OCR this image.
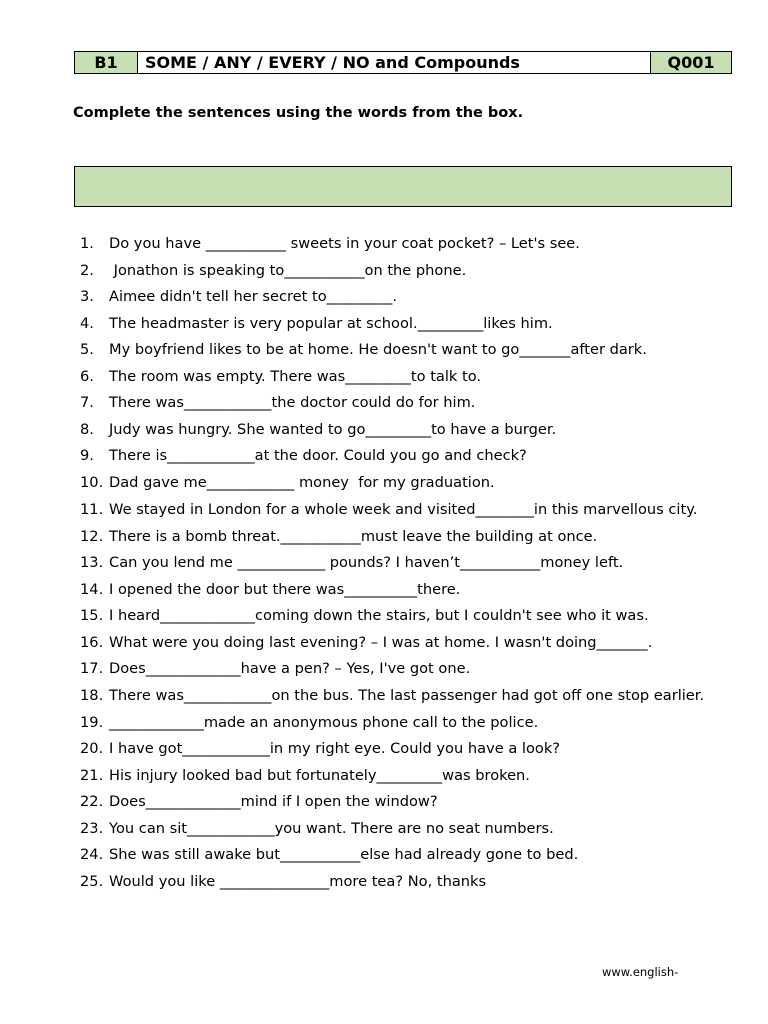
B1	SOME / ANY / EVERY / NO and Compounds	Q001

Complete the sentences using the words from the box.

1.	Do you have ___________ sweets in your coat pocket? – Let's see.
2.	Jonathon is speaking to___________on the phone.
3.	Aimee didn't tell her secret to_________.
4.	The headmaster is very popular at school._________likes him.
5.	My boyfriend likes to be at home. He doesn't want to go_______after dark.
6.	The room was empty. There was_________to talk to.
7.	There was____________the doctor could do for him.
8.	Judy was hungry. She wanted to go_________to have a burger.
9.	There is____________at the door. Could you go and check?
10. Dad gave me____________ money  for my graduation.
11. We stayed in London for a whole week and visited________in this marvellous city.
12. There is a bomb threat.___________must leave the building at once.
13. Can you lend me ____________ pounds? I haven’t___________money left.
14. I opened the door but there was__________there.
15. I heard_____________coming down the stairs, but I couldn't see who it was.
16. What were you doing last evening? – I was at home. I wasn't doing_______.
17. Does_____________have a pen? – Yes, I've got one.
18. There was____________on the bus. The last passenger had got off one stop earlier.
19. _____________made an anonymous phone call to the police.
20. I have got____________in my right eye. Could you have a look?
21. His injury looked bad but fortunately_________was broken.
22. Does_____________mind if I open the window?
23. You can sit____________you want. There are no seat numbers.
24. She was still awake but___________else had already gone to bed.
25. Would you like _______________more tea? No, thanks
www.english-
